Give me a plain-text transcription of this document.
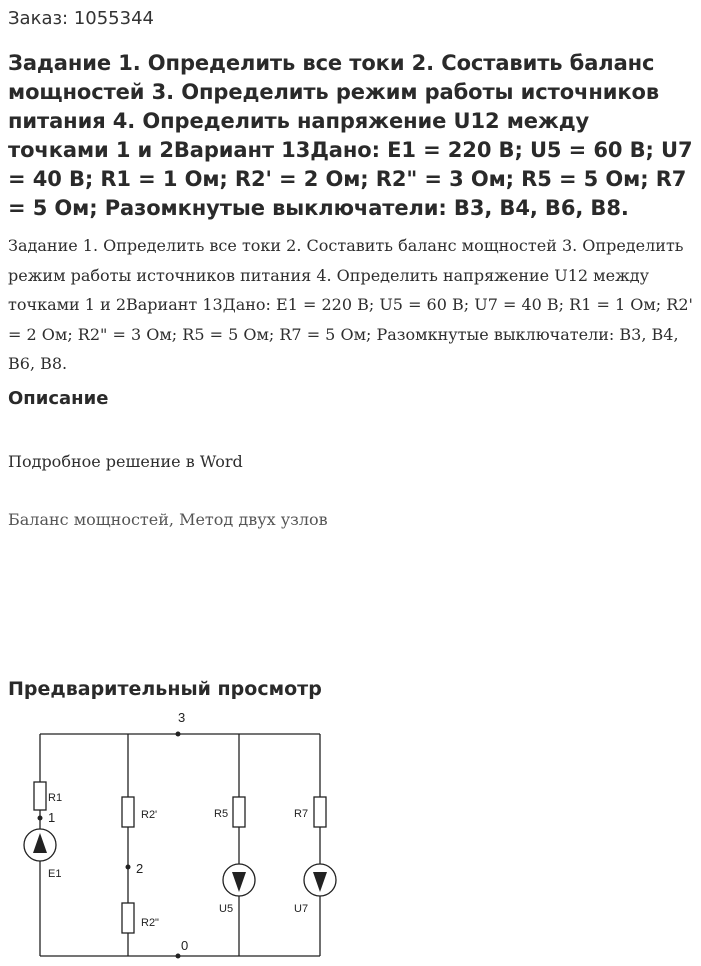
Заказ: 1055344
Задание 1. Определить все токи 2. Составить баланс мощностей 3. Определить режим работы источников питания 4. Определить напряжение U12 между точками 1 и 2Вариант 13Дано: E1 = 220 В; U5 = 60 В; U7 = 40 В; R1 = 1 Ом; R2' = 2 Ом; R2" = 3 Ом; R5 = 5 Ом; R7 = 5 Ом; Разомкнутые выключатели: В3, В4, В6, В8.

Задание 1. Определить все токи 2. Составить баланс мощностей 3. Определить режим работы источников питания 4. Определить напряжение U12 между точками 1 и 2Вариант 13Дано: E1 = 220 В; U5 = 60 В; U7 = 40 В; R1 = 1 Ом; R2' = 2 Ом; R2" = 3 Ом; R5 = 5 Ом; R7 = 5 Ом; Разомкнутые выключатели: В3, В4, В6, В8.

Описание

Подробное решение в Word

Баланс мощностей, Метод двух узлов

Предварительный просмотр
3
0
1
2
R1
E1
R2'
R2"
R5
U5
R7
U7
